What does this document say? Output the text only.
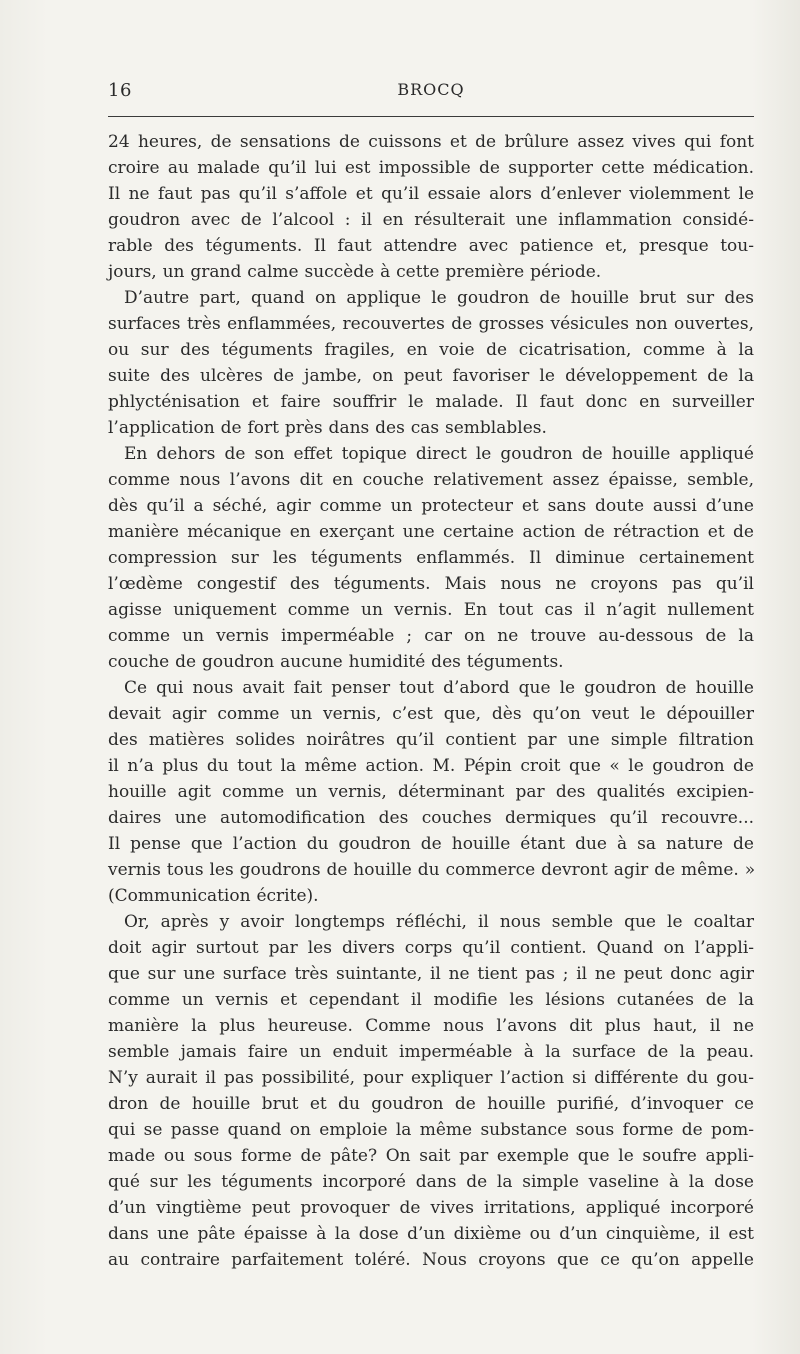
16	BROCQ
24 heures, de sensations de cuissons et de brûlure assez vives qui font
croire au malade qu’il lui est impossible de supporter cette médication.
Il ne faut pas qu’il s’affole et qu’il essaie alors d’enlever violemment le
goudron avec de l’alcool : il en résulterait une inflammation considé-
rable des téguments. Il faut attendre avec patience et, presque tou-
jours, un grand calme succède à cette première période.
D’autre part, quand on applique le goudron de houille brut sur des
surfaces très enflammées, recouvertes de grosses vésicules non ouvertes,
ou sur des téguments fragiles, en voie de cicatrisation, comme à la
suite des ulcères de jambe, on peut favoriser le développement de la
phlycténisation et faire souffrir le malade. Il faut donc en surveiller
l’application de fort près dans des cas semblables.
En dehors de son effet topique direct le goudron de houille appliqué
comme nous l’avons dit en couche relativement assez épaisse, semble,
dès qu’il a séché, agir comme un protecteur et sans doute aussi d’une
manière mécanique en exerçant une certaine action de rétraction et de
compression sur les téguments enflammés. Il diminue certainement
l’œdème congestif des téguments. Mais nous ne croyons pas qu’il
agisse uniquement comme un vernis. En tout cas il n’agit nullement
comme un vernis imperméable ; car on ne trouve au-dessous de la
couche de goudron aucune humidité des téguments.
Ce qui nous avait fait penser tout d’abord que le goudron de houille
devait agir comme un vernis, c’est que, dès qu’on veut le dépouiller
des matières solides noirâtres qu’il contient par une simple filtration
il n’a plus du tout la même action. M. Pépin croit que « le goudron de
houille agit comme un vernis, déterminant par des qualités excipien-
daires une automodification des couches dermiques qu’il recouvre...
Il pense que l’action du goudron de houille étant due à sa nature de
vernis tous les goudrons de houille du commerce devront agir de même. »
(Communication écrite).
Or, après y avoir longtemps réfléchi, il nous semble que le coaltar
doit agir surtout par les divers corps qu’il contient. Quand on l’appli-
que sur une surface très suintante, il ne tient pas ; il ne peut donc agir
comme un vernis et cependant il modifie les lésions cutanées de la
manière la plus heureuse. Comme nous l’avons dit plus haut, il ne
semble jamais faire un enduit imperméable à la surface de la peau.
N’y aurait il pas possibilité, pour expliquer l’action si différente du gou-
dron de houille brut et du goudron de houille purifié, d’invoquer ce
qui se passe quand on emploie la même substance sous forme de pom-
made ou sous forme de pâte? On sait par exemple que le soufre appli-
qué sur les téguments incorporé dans de la simple vaseline à la dose
d’un vingtième peut provoquer de vives irritations, appliqué incorporé
dans une pâte épaisse à la dose d’un dixième ou d’un cinquième, il est
au contraire parfaitement toléré. Nous croyons que ce qu’on appelle
